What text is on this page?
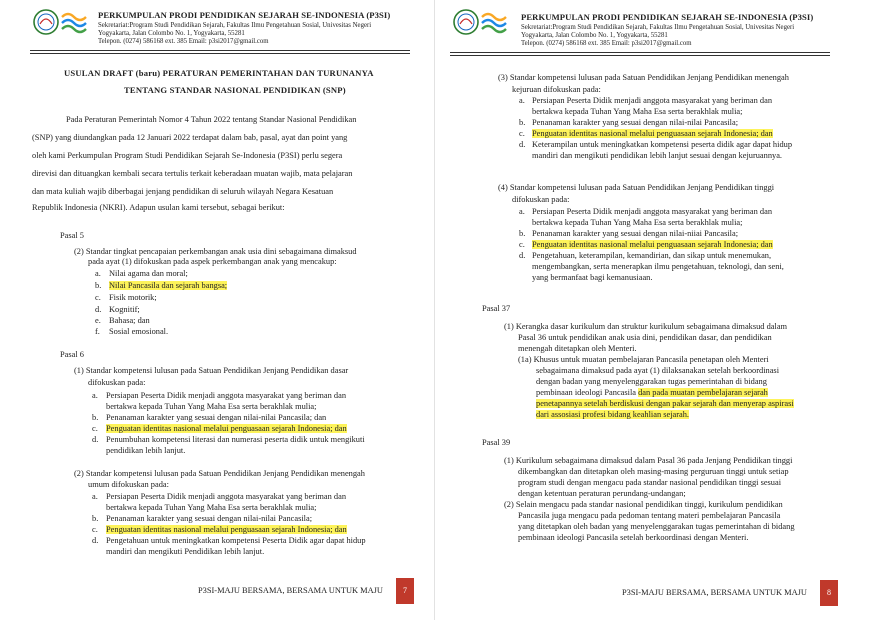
PERKUMPULAN PRODI PENDIDIKAN SEJARAH SE-INDONESIA (P3SI)
Sekretariat:Program Studi Pendidikan Sejarah, Fakultas Ilmu Pengetahuan Sosial, Univesitas Negeri
Yogyakarta, Jalan Colombo No. 1, Yogyakarta, 55281
Telepon. (0274) 586168 ext. 385 Email: p3si2017@gmail.com
USULAN DRAFT (baru) PERATURAN PEMERINTAHAN DAN TURUNANYA
TENTANG STANDAR NASIONAL PENDIDIKAN (SNP)
Pada Peraturan Pemerintah Nomor 4 Tahun 2022 tentang Standar Nasional Pendidikan
(SNP) yang diundangkan pada 12 Januari 2022 terdapat dalam bab, pasal, ayat dan point yang
oleh kami Perkumpulan Program Studi Pendidikan Sejarah Se-Indonesia (P3SI) perlu segera
direvisi dan dituangkan kembali secara tertulis terkait keberadaan muatan wajib, mata pelajaran
dan mata kuliah wajib diberbagai jenjang pendidikan di seluruh wilayah Negara Kesatuan
Republik Indonesia (NKRI). Adapun usulan kami tersebut, sebagai berikut:
Pasal 5
(2) Standar tingkat pencapaian perkembangan anak usia dini sebagaimana dimaksud
pada ayat (1) difokuskan pada aspek perkembangan anak yang mencakup:
a. Nilai agama dan moral;
b. Nilai Pancasila dan sejarah bangsa;
c. Fisik motorik;
d. Kognitif;
e. Bahasa; dan
f. Sosial emosional.
Pasal 6
(1) Standar kompetensi lulusan pada Satuan Pendidikan Jenjang Pendidikan dasar
difokuskan pada:
a. Persiapan Peserta Didik menjadi anggota masyarakat yang beriman dan
bertakwa kepada Tuhan Yang Maha Esa serta berakhlak mulia;
b. Penanaman karakter yang sesuai dengan nilai-nilai Pancasila; dan
c. Penguatan identitas nasional melalui penguasaan sejarah Indonesia; dan
d. Penumbuhan kompetensi literasi dan numerasi peserta didik untuk mengikuti
pendidikan lebih lanjut.
(2) Standar kompetensi lulusan pada Satuan Pendidikan Jenjang Pendidikan menengah
umum difokuskan pada:
a. Persiapan Peserta Didik menjadi anggota masyarakat yang beriman dan
bertakwa kepada Tuhan Yang Maha Esa serta berakhlak mulia;
b. Penanaman karakter yang sesuai dengan nilai-nilai Pancasila;
c. Penguatan identitas nasional melalui penguasaan sejarah Indonesia; dan
d. Pengetahuan untuk meningkatkan kompetensi Peserta Didik agar dapat hidup
mandiri dan mengikuti Pendidikan lebih lanjut.
P3SI-MAJU BERSAMA, BERSAMA UNTUK MAJU	7
PERKUMPULAN PRODI PENDIDIKAN SEJARAH SE-INDONESIA (P3SI)
Sekretariat:Program Studi Pendidikan Sejarah, Fakultas Ilmu Pengetahuan Sosial, Univesitas Negeri
Yogyakarta, Jalan Colombo No. 1, Yogyakarta, 55281
Telepon. (0274) 586168 ext. 385 Email: p3si2017@gmail.com
(3) Standar kompetensi lulusan pada Satuan Pendidikan Jenjang Pendidikan menengah
kejuruan difokuskan pada:
a. Persiapan Peserta Didik menjadi anggota masyarakat yang beriman dan
bertakwa kepada Tuhan Yang Maha Esa serta berakhlak mulia;
b. Penanaman karakter yang sesuai dengan nilai-nilai Pancasila;
c. Penguatan identitas nasional melalui penguasaan sejarah Indonesia; dan
d. Keterampilan untuk meningkatkan kompetensi peserta didik agar dapat hidup
mandiri dan mengikuti pendidikan lebih lanjut sesuai dengan kejuruannya.
(4) Standar kompetensi lulusan pada Satuan Pendidikan Jenjang Pendidikan tinggi
difokuskan pada:
a. Persiapan Peserta Didik menjadi anggota masyarakat yang beriman dan
bertakwa kepada Tuhan Yang Maha Esa serta berakhlak mulia;
b. Penanaman karakter yang sesuai dengan nilai-niiai Pancasila;
c. Penguatan identitas nasional melalui penguasaan sejarah Indonesia; dan
d. Pengetahuan, keterampilan, kemandirian, dan sikap untuk menemukan,
mengembangkan, serta menerapkan ilmu pengetahuan, teknologi, dan seni,
yang bermanfaat bagi kemanusiaan.
Pasal 37
(1) Kerangka dasar kurikulum dan struktur kurikulum sebagaimana dimaksud dalam
Pasal 36 untuk pendidikan anak usia dini, pendidikan dasar, dan pendidikan
menengah ditetapkan oleh Menteri.
(1a) Khusus untuk muatan pembelajaran Pancasila penetapan oleh Menteri
sebagaimana dimaksud pada ayat (1) dilaksanakan setelah berkoordinasi
dengan badan yang menyelenggarakan tugas pemerintahan di bidang
pembinaan ideologi Pancasila dan pada muatan pembelajaran sejarah
penetapannya setelah berdiskusi dengan pakar sejarah dan menyerap aspirasi
dari assosiasi profesi bidang keahlian sejarah.
Pasal 39
(1) Kurikulum sebagaimana dimaksud dalam Pasal 36 pada Jenjang Pendidikan tinggi
dikembangkan dan ditetapkan oleh masing-masing perguruan tinggi untuk setiap
program studi dengan mengacu pada standar nasional pendidikan tinggi sesuai
dengan ketentuan peraturan perundang-undangan;
(2) Selain mengacu pada standar nasional pendidikan tinggi, kurikulum pendidikan
Pancasila juga mengacu pada pedoman tentang materi pembelajaran Pancasila
yang ditetapkan oleh badan yang menyelenggarakan tugas pemerintahan di bidang
pembinaan ideologi Pancasila setelah berkoordinasi dengan Menteri.
P3SI-MAJU BERSAMA, BERSAMA UNTUK MAJU	8
